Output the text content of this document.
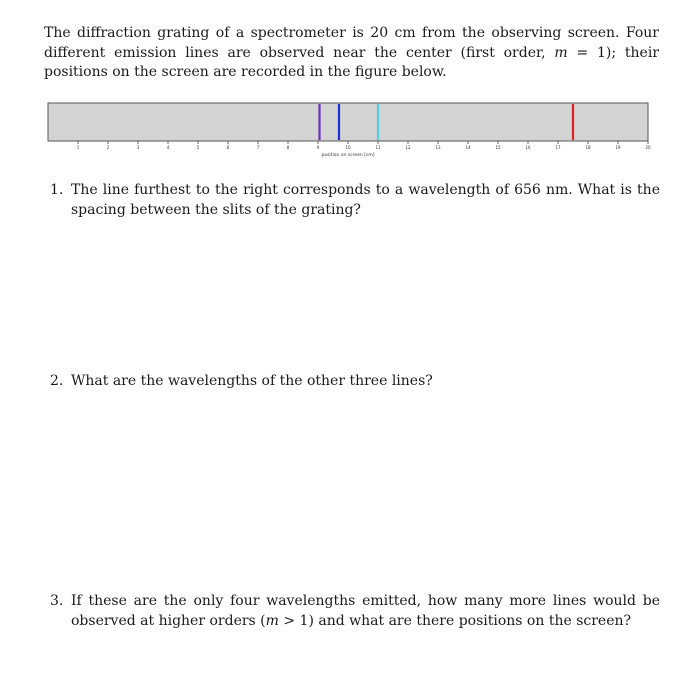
The diffraction grating of a spectrometer is 20 cm from the observing screen. Four different emission lines are observed near the center (first order, m = 1); their positions on the screen are recorded in the figure below.

1	2	3	4	5	6	7	8	9	10	11	12	13	14	15	16	17	18	19	20
position on screen [cm]
1. The line furthest to the right corresponds to a wavelength of 656 nm. What is the spacing between the slits of the grating?
2. What are the wavelengths of the other three lines?
3. If these are the only four wavelengths emitted, how many more lines would be observed at higher orders (m > 1) and what are there positions on the screen?
